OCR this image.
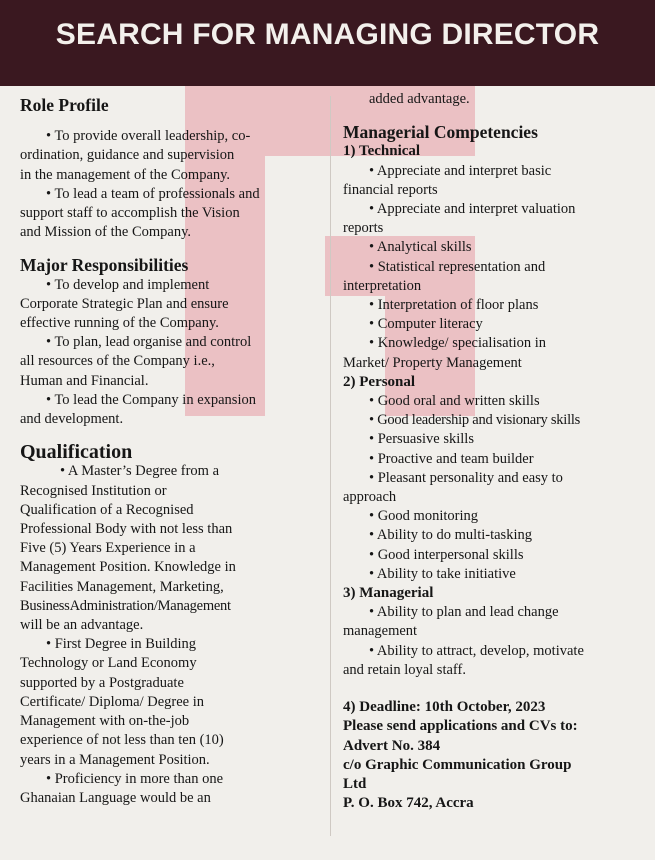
SEARCH FOR MANAGING DIRECTOR

Role Profile

• To provide overall leadership, co-
ordination, guidance and supervision
in the management of the Company.
• To lead a team of professionals and
support staff to accomplish the Vision
and Mission of the Company.

Major Responsibilities

• To develop and implement
Corporate Strategic Plan and ensure
effective running of the Company.
• To plan, lead organise and control
all resources of the Company i.e.,
Human and Financial.
• To lead the Company in expansion
and development.

Qualification

• A Master’s Degree from a
Recognised Institution or
Qualification of a Recognised
Professional Body with not less than
Five (5) Years Experience in a
Management Position. Knowledge in
Facilities Management, Marketing,
BusinessAdministration/Management
will be an advantage.
• First Degree in Building
Technology or Land Economy
supported by a Postgraduate
Certificate/ Diploma/ Degree in
Management with on-the-job
experience of not less than ten (10)
years in a Management Position.
• Proficiency in more than one
Ghanaian Language would be an
added advantage.

Managerial Competencies

1) Technical

• Appreciate and interpret basic
financial reports
• Appreciate and interpret valuation
reports
• Analytical skills
• Statistical representation and
interpretation
• Interpretation of floor plans
• Computer literacy
• Knowledge/ specialisation in
Market/ Property Management

2) Personal

• Good oral and written skills
• Good leadership and visionary skills
• Persuasive skills
• Proactive and team builder
• Pleasant personality and easy to
approach
• Good monitoring
• Ability to do multi-tasking
• Good interpersonal skills
• Ability to take initiative

3) Managerial

• Ability to plan and lead change
management
• Ability to attract, develop, motivate
and retain loyal staff.
4) Deadline: 10th October, 2023
Please send applications and CVs to:
Advert No. 384
c/o Graphic Communication Group
Ltd
P. O. Box 742, Accra
